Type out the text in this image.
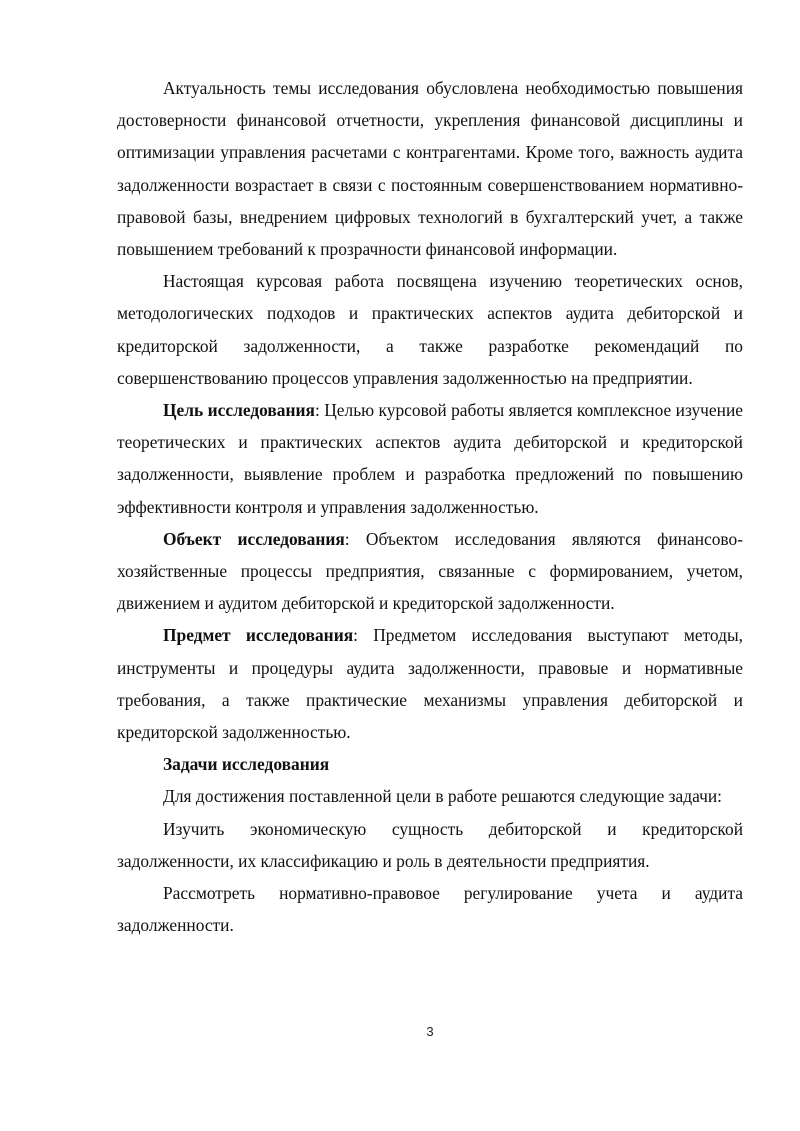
Актуальность темы исследования обусловлена необходимостью повышения достоверности финансовой отчетности, укрепления финансовой дисциплины и оптимизации управления расчетами с контрагентами. Кроме того, важность аудита задолженности возрастает в связи с постоянным совершенствованием нормативно-правовой базы, внедрением цифровых технологий в бухгалтерский учет, а также повышением требований к прозрачности финансовой информации.

Настоящая курсовая работа посвящена изучению теоретических основ, методологических подходов и практических аспектов аудита дебиторской и кредиторской задолженности, а также разработке рекомендаций по совершенствованию процессов управления задолженностью на предприятии.

Цель исследования: Целью курсовой работы является комплексное изучение теоретических и практических аспектов аудита дебиторской и кредиторской задолженности, выявление проблем и разработка предложений по повышению эффективности контроля и управления задолженностью.

Объект исследования: Объектом исследования являются финансово-хозяйственные процессы предприятия, связанные с формированием, учетом, движением и аудитом дебиторской и кредиторской задолженности.

Предмет исследования: Предметом исследования выступают методы, инструменты и процедуры аудита задолженности, правовые и нормативные требования, а также практические механизмы управления дебиторской и кредиторской задолженностью.

Задачи исследования

Для достижения поставленной цели в работе решаются следующие задачи:

Изучить экономическую сущность дебиторской и кредиторской задолженности, их классификацию и роль в деятельности предприятия.

Рассмотреть нормативно-правовое регулирование учета и аудита задолженности.

3
